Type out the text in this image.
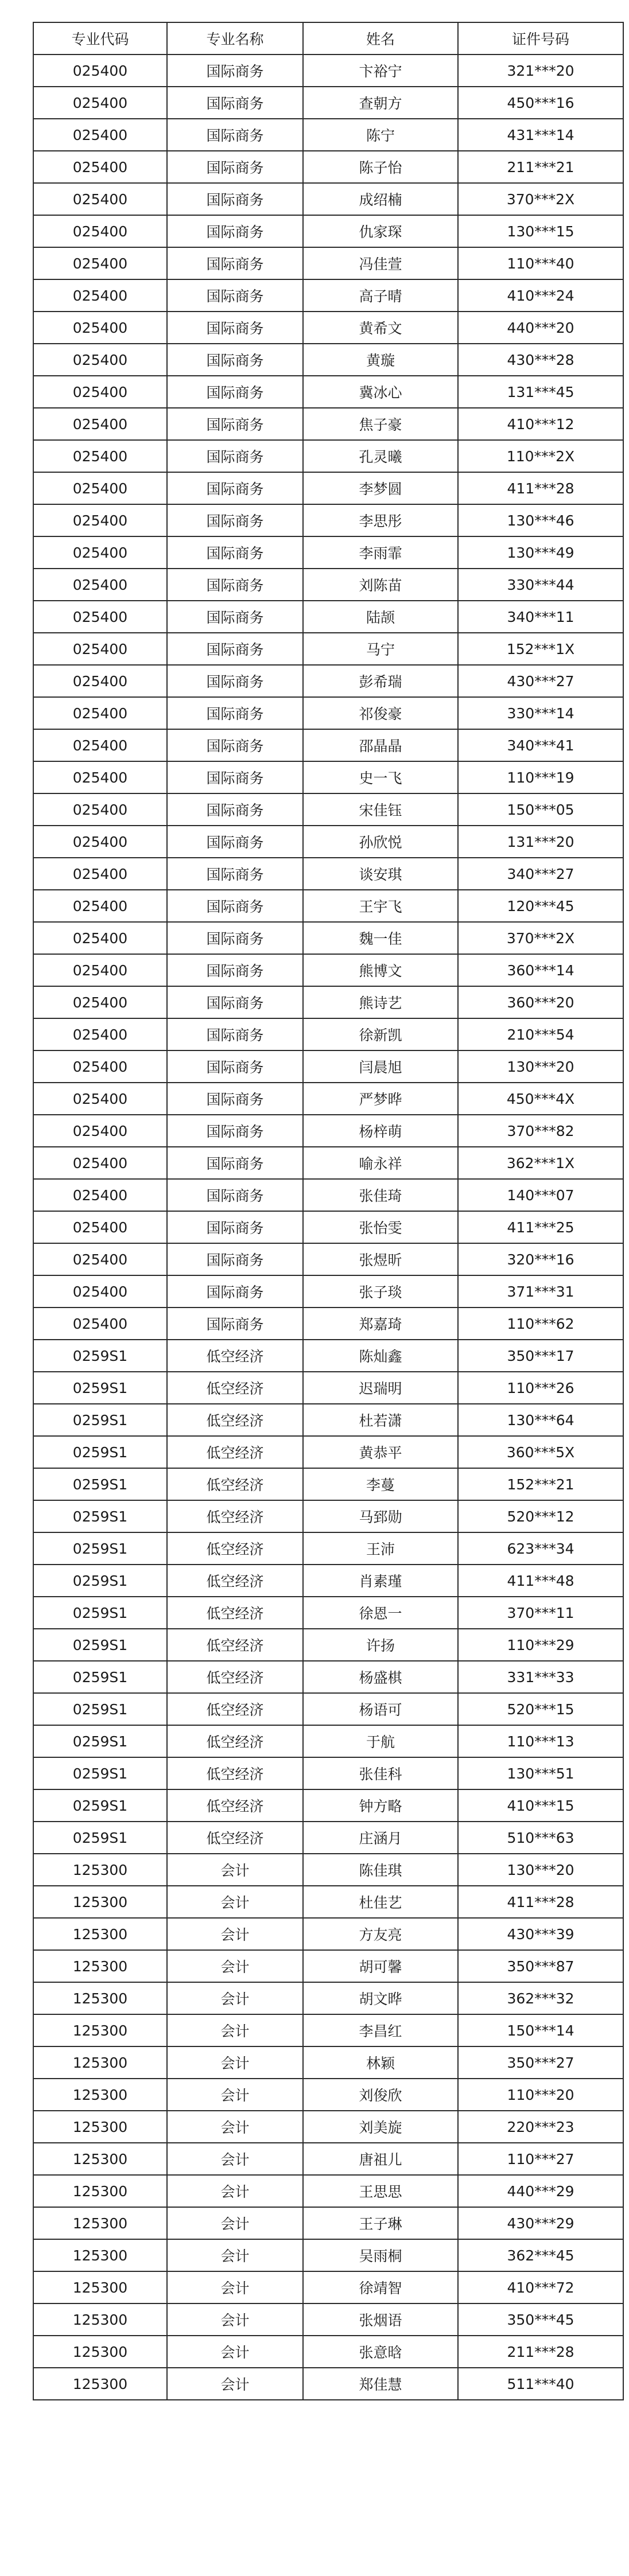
专业代码	专业名称	姓名	证件号码
025400	国际商务	卞裕宁	321***20
025400	国际商务	查朝方	450***16
025400	国际商务	陈宁	431***14
025400	国际商务	陈子怡	211***21
025400	国际商务	成绍楠	370***2X
025400	国际商务	仇家琛	130***15
025400	国际商务	冯佳萱	110***40
025400	国际商务	高子晴	410***24
025400	国际商务	黄希文	440***20
025400	国际商务	黄璇	430***28
025400	国际商务	冀冰心	131***45
025400	国际商务	焦子豪	410***12
025400	国际商务	孔灵曦	110***2X
025400	国际商务	李梦圆	411***28
025400	国际商务	李思彤	130***46
025400	国际商务	李雨霏	130***49
025400	国际商务	刘陈苗	330***44
025400	国际商务	陆颉	340***11
025400	国际商务	马宁	152***1X
025400	国际商务	彭希瑞	430***27
025400	国际商务	祁俊豪	330***14
025400	国际商务	邵晶晶	340***41
025400	国际商务	史一飞	110***19
025400	国际商务	宋佳钰	150***05
025400	国际商务	孙欣悦	131***20
025400	国际商务	谈安琪	340***27
025400	国际商务	王宇飞	120***45
025400	国际商务	魏一佳	370***2X
025400	国际商务	熊博文	360***14
025400	国际商务	熊诗艺	360***20
025400	国际商务	徐新凯	210***54
025400	国际商务	闫晨旭	130***20
025400	国际商务	严梦晔	450***4X
025400	国际商务	杨梓萌	370***82
025400	国际商务	喻永祥	362***1X
025400	国际商务	张佳琦	140***07
025400	国际商务	张怡雯	411***25
025400	国际商务	张煜昕	320***16
025400	国际商务	张子琰	371***31
025400	国际商务	郑嘉琦	110***62
0259S1	低空经济	陈灿鑫	350***17
0259S1	低空经济	迟瑞明	110***26
0259S1	低空经济	杜若潇	130***64
0259S1	低空经济	黄恭平	360***5X
0259S1	低空经济	李蔓	152***21
0259S1	低空经济	马郅勋	520***12
0259S1	低空经济	王沛	623***34
0259S1	低空经济	肖素瑾	411***48
0259S1	低空经济	徐恩一	370***11
0259S1	低空经济	许扬	110***29
0259S1	低空经济	杨盛棋	331***33
0259S1	低空经济	杨语可	520***15
0259S1	低空经济	于航	110***13
0259S1	低空经济	张佳科	130***51
0259S1	低空经济	钟方略	410***15
0259S1	低空经济	庄涵月	510***63
125300	会计	陈佳琪	130***20
125300	会计	杜佳艺	411***28
125300	会计	方友亮	430***39
125300	会计	胡可馨	350***87
125300	会计	胡文晔	362***32
125300	会计	李昌红	150***14
125300	会计	林颖	350***27
125300	会计	刘俊欣	110***20
125300	会计	刘美旋	220***23
125300	会计	唐祖儿	110***27
125300	会计	王思思	440***29
125300	会计	王子琳	430***29
125300	会计	吴雨桐	362***45
125300	会计	徐靖智	410***72
125300	会计	张烟语	350***45
125300	会计	张意晗	211***28
125300	会计	郑佳慧	511***40
